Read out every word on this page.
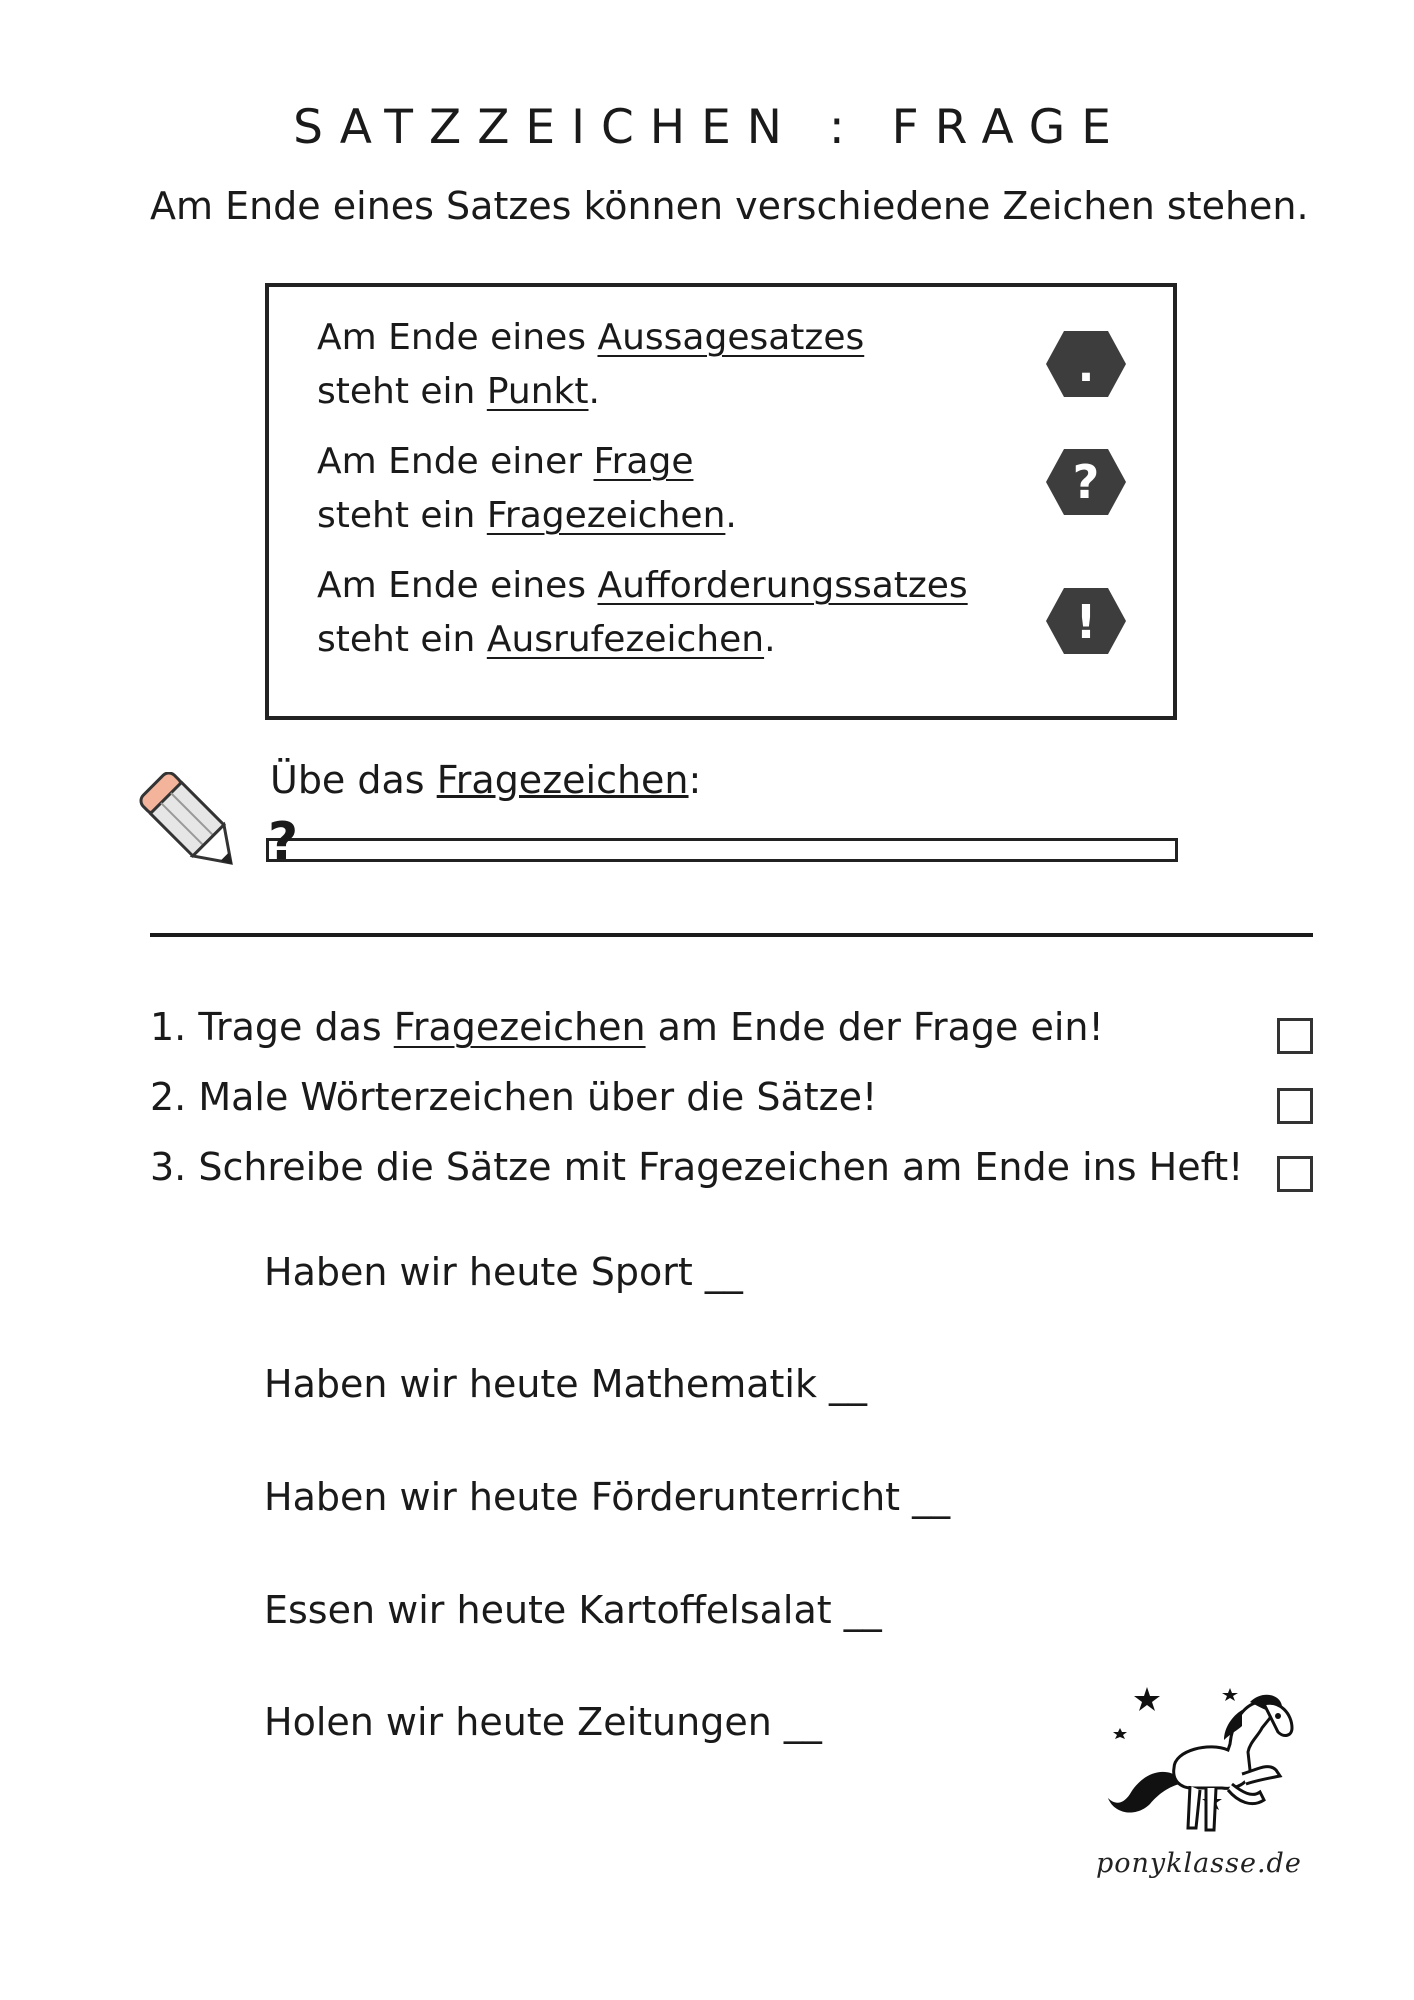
SATZZEICHEN : FRAGE
Am Ende eines Satzes können verschiedene Zeichen stehen.
Am Ende eines Aussagesatzes
steht ein Punkt.	.
Am Ende einer Frage
steht ein Fragezeichen.
?
Am Ende eines Aufforderungssatzes
steht ein Ausrufezeichen.	!
Übe das Fragezeichen:
?
1. Trage das Fragezeichen am Ende der Frage ein!
2. Male Wörterzeichen über die Sätze!
3. Schreibe die Sätze mit Fragezeichen am Ende ins Heft!
Haben wir heute Sport __
Haben wir heute Mathematik __
Haben wir heute Förderunterricht __
Essen wir heute Kartoffelsalat __
Holen wir heute Zeitungen __
ponyklasse.de
